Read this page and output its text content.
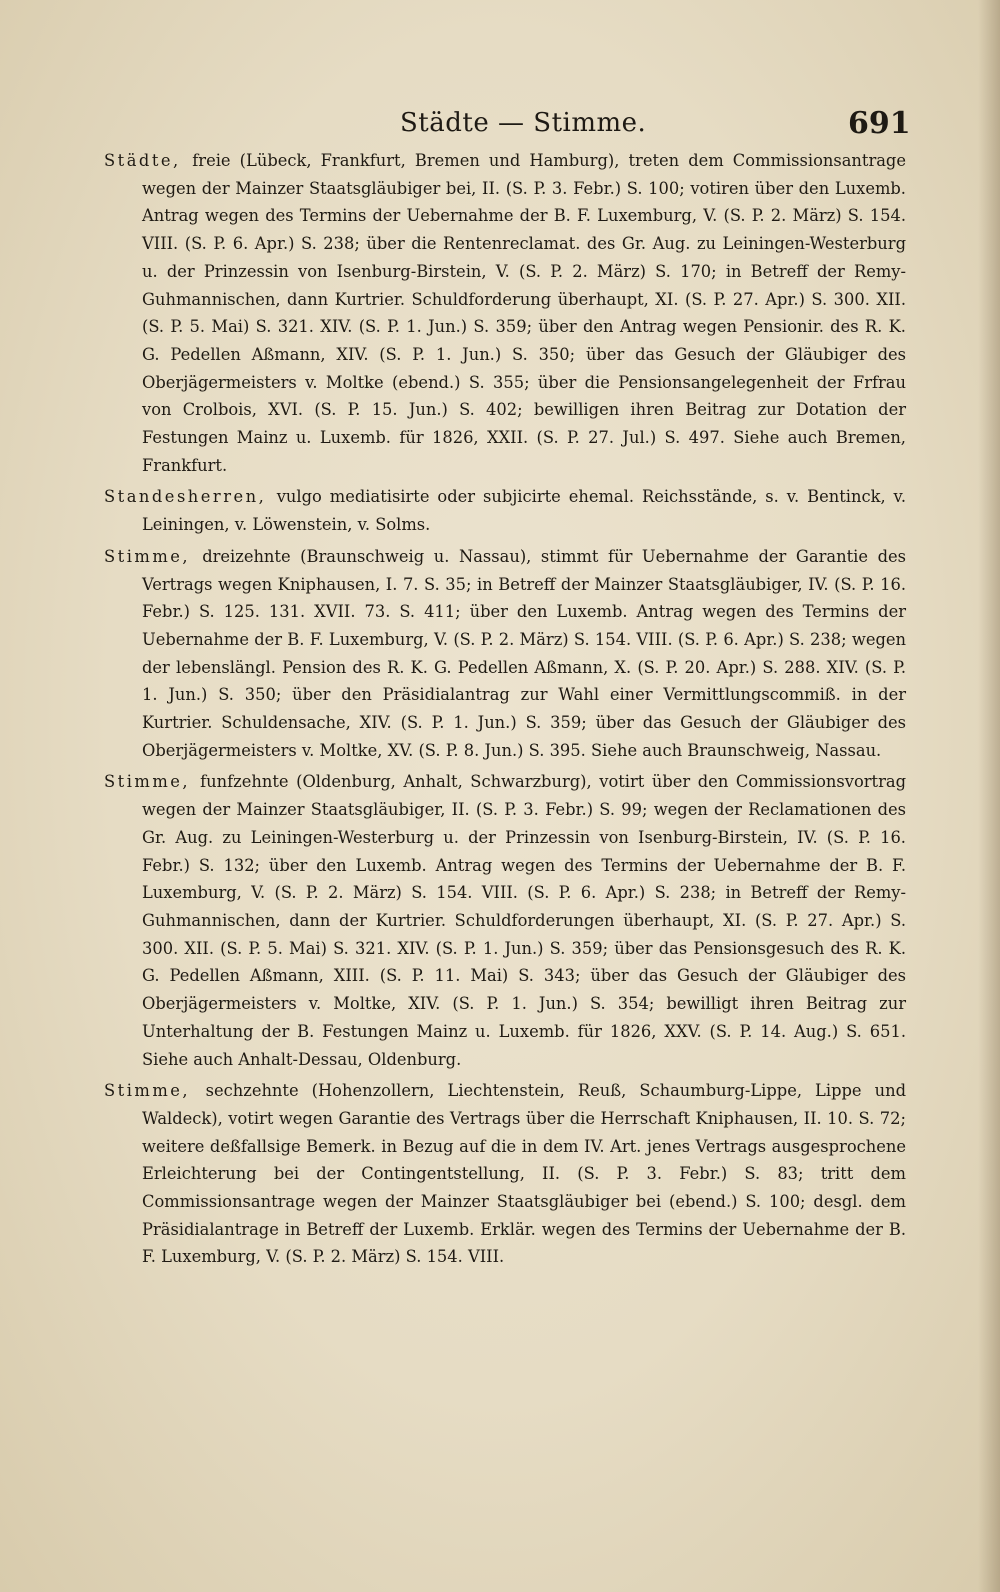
Städte — Stimme.	691

Städte, freie (Lübeck, Frankfurt, Bremen und Hamburg), treten dem Commissionsantrage wegen der Mainzer Staatsgläubiger bei, II. (S. P. 3. Febr.) S. 100; votiren über den Luxemb. Antrag wegen des Termins der Uebernahme der B. F. Luxemburg, V. (S. P. 2. März) S. 154. VIII. (S. P. 6. Apr.) S. 238; über die Rentenreclamat. des Gr. Aug. zu Leiningen-Westerburg u. der Prinzessin von Isenburg-Birstein, V. (S. P. 2. März) S. 170; in Betreff der Remy-Guhmannischen, dann Kurtrier. Schuldforderung überhaupt, XI. (S. P. 27. Apr.) S. 300. XII. (S. P. 5. Mai) S. 321. XIV. (S. P. 1. Jun.) S. 359; über den Antrag wegen Pensionir. des R. K. G. Pedellen Aßmann, XIV. (S. P. 1. Jun.) S. 350; über das Gesuch der Gläubiger des Oberjägermeisters v. Moltke (ebend.) S. 355; über die Pensionsangelegenheit der Frfrau von Crolbois, XVI. (S. P. 15. Jun.) S. 402; bewilligen ihren Beitrag zur Dotation der Festungen Mainz u. Luxemb. für 1826, XXII. (S. P. 27. Jul.) S. 497. Siehe auch Bremen, Frankfurt.

Standesherren, vulgo mediatisirte oder subjicirte ehemal. Reichsstände, s. v. Bentinck, v. Leiningen, v. Löwenstein, v. Solms.

Stimme, dreizehnte (Braunschweig u. Nassau), stimmt für Uebernahme der Garantie des Vertrags wegen Kniphausen, I. 7. S. 35; in Betreff der Mainzer Staatsgläubiger, IV. (S. P. 16. Febr.) S. 125. 131. XVII. 73. S. 411; über den Luxemb. Antrag wegen des Termins der Uebernahme der B. F. Luxemburg, V. (S. P. 2. März) S. 154. VIII. (S. P. 6. Apr.) S. 238; wegen der lebenslängl. Pension des R. K. G. Pedellen Aßmann, X. (S. P. 20. Apr.) S. 288. XIV. (S. P. 1. Jun.) S. 350; über den Präsidialantrag zur Wahl einer Vermittlungscommiß. in der Kurtrier. Schuldensache, XIV. (S. P. 1. Jun.) S. 359; über das Gesuch der Gläubiger des Oberjägermeisters v. Moltke, XV. (S. P. 8. Jun.) S. 395. Siehe auch Braunschweig, Nassau.

Stimme, funfzehnte (Oldenburg, Anhalt, Schwarzburg), votirt über den Commissionsvortrag wegen der Mainzer Staatsgläubiger, II. (S. P. 3. Febr.) S. 99; wegen der Reclamationen des Gr. Aug. zu Leiningen-Westerburg u. der Prinzessin von Isenburg-Birstein, IV. (S. P. 16. Febr.) S. 132; über den Luxemb. Antrag wegen des Termins der Uebernahme der B. F. Luxemburg, V. (S. P. 2. März) S. 154. VIII. (S. P. 6. Apr.) S. 238; in Betreff der Remy-Guhmannischen, dann der Kurtrier. Schuldforderungen überhaupt, XI. (S. P. 27. Apr.) S. 300. XII. (S. P. 5. Mai) S. 321. XIV. (S. P. 1. Jun.) S. 359; über das Pensionsgesuch des R. K. G. Pedellen Aßmann, XIII. (S. P. 11. Mai) S. 343; über das Gesuch der Gläubiger des Oberjägermeisters v. Moltke, XIV. (S. P. 1. Jun.) S. 354; bewilligt ihren Beitrag zur Unterhaltung der B. Festungen Mainz u. Luxemb. für 1826, XXV. (S. P. 14. Aug.) S. 651. Siehe auch Anhalt-Dessau, Oldenburg.

Stimme, sechzehnte (Hohenzollern, Liechtenstein, Reuß, Schaumburg-Lippe, Lippe und Waldeck), votirt wegen Garantie des Vertrags über die Herrschaft Kniphausen, II. 10. S. 72; weitere deßfallsige Bemerk. in Bezug auf die in dem IV. Art. jenes Vertrags ausgesprochene Erleichterung bei der Contingentstellung, II. (S. P. 3. Febr.) S. 83; tritt dem Commissionsantrage wegen der Mainzer Staatsgläubiger bei (ebend.) S. 100; desgl. dem Präsidialantrage in Betreff der Luxemb. Erklär. wegen des Termins der Uebernahme der B. F. Luxemburg, V. (S. P. 2. März) S. 154. VIII.
